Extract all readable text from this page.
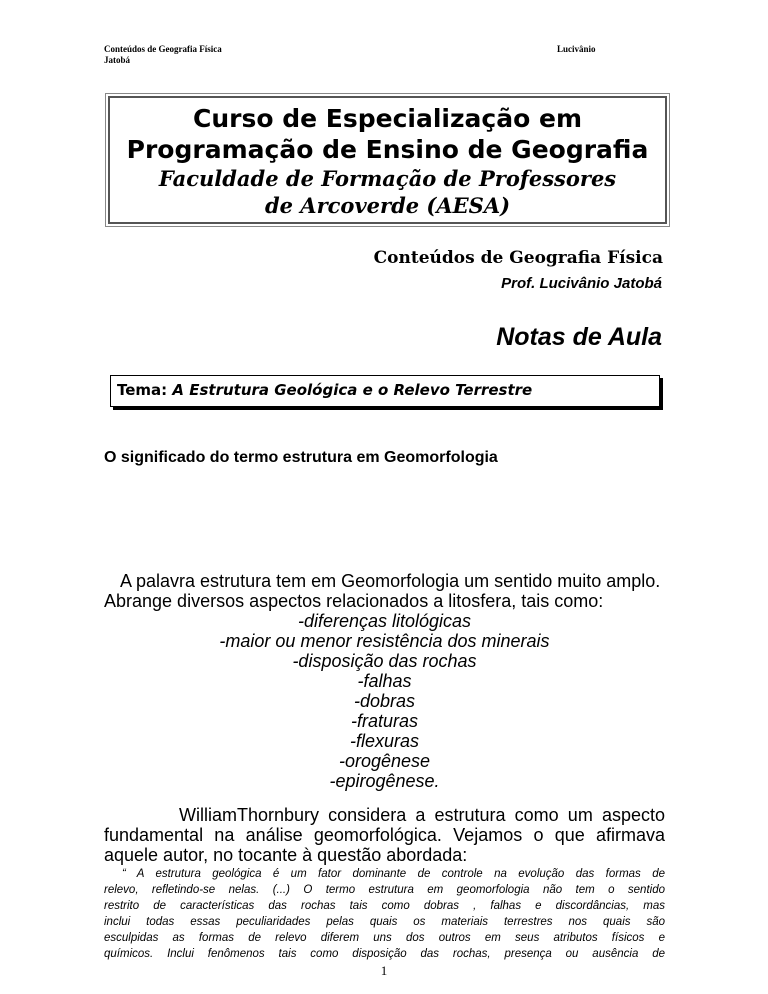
Conteúdos de Geografia Física
Jatobá
Lucivânio
Curso de Especialização em
Programação de Ensino de Geografia
Faculdade de Formação de Professores
de Arcoverde (AESA)
Conteúdos de Geografia Física
Prof. Lucivânio Jatobá
Notas de Aula
Tema: A Estrutura Geológica e o Relevo Terrestre
O significado do termo estrutura em Geomorfologia
A palavra estrutura tem em Geomorfologia um sentido muito amplo.
Abrange diversos aspectos relacionados a litosfera, tais como:
-diferenças litológicas
-maior ou menor resistência dos minerais
-disposição das rochas
-falhas
-dobras
-fraturas
-flexuras
-orogênese
-epirogênese.
WilliamThornbury considera a estrutura como um aspecto
fundamental na análise geomorfológica. Vejamos o que afirmava
aquele autor, no tocante à questão abordada:
“ A estrutura geológica é um fator dominante de controle na evolução das formas de
relevo, refletindo-se nelas. (...) O termo estrutura em geomorfologia não tem o sentido
restrito de características das rochas tais como dobras , falhas e discordâncias, mas
inclui todas essas peculiaridades pelas quais os materiais terrestres nos quais são
esculpidas as formas de relevo diferem uns dos outros em seus atributos físicos e
químicos. Inclui fenômenos tais como disposição das rochas, presença ou ausência de
1
